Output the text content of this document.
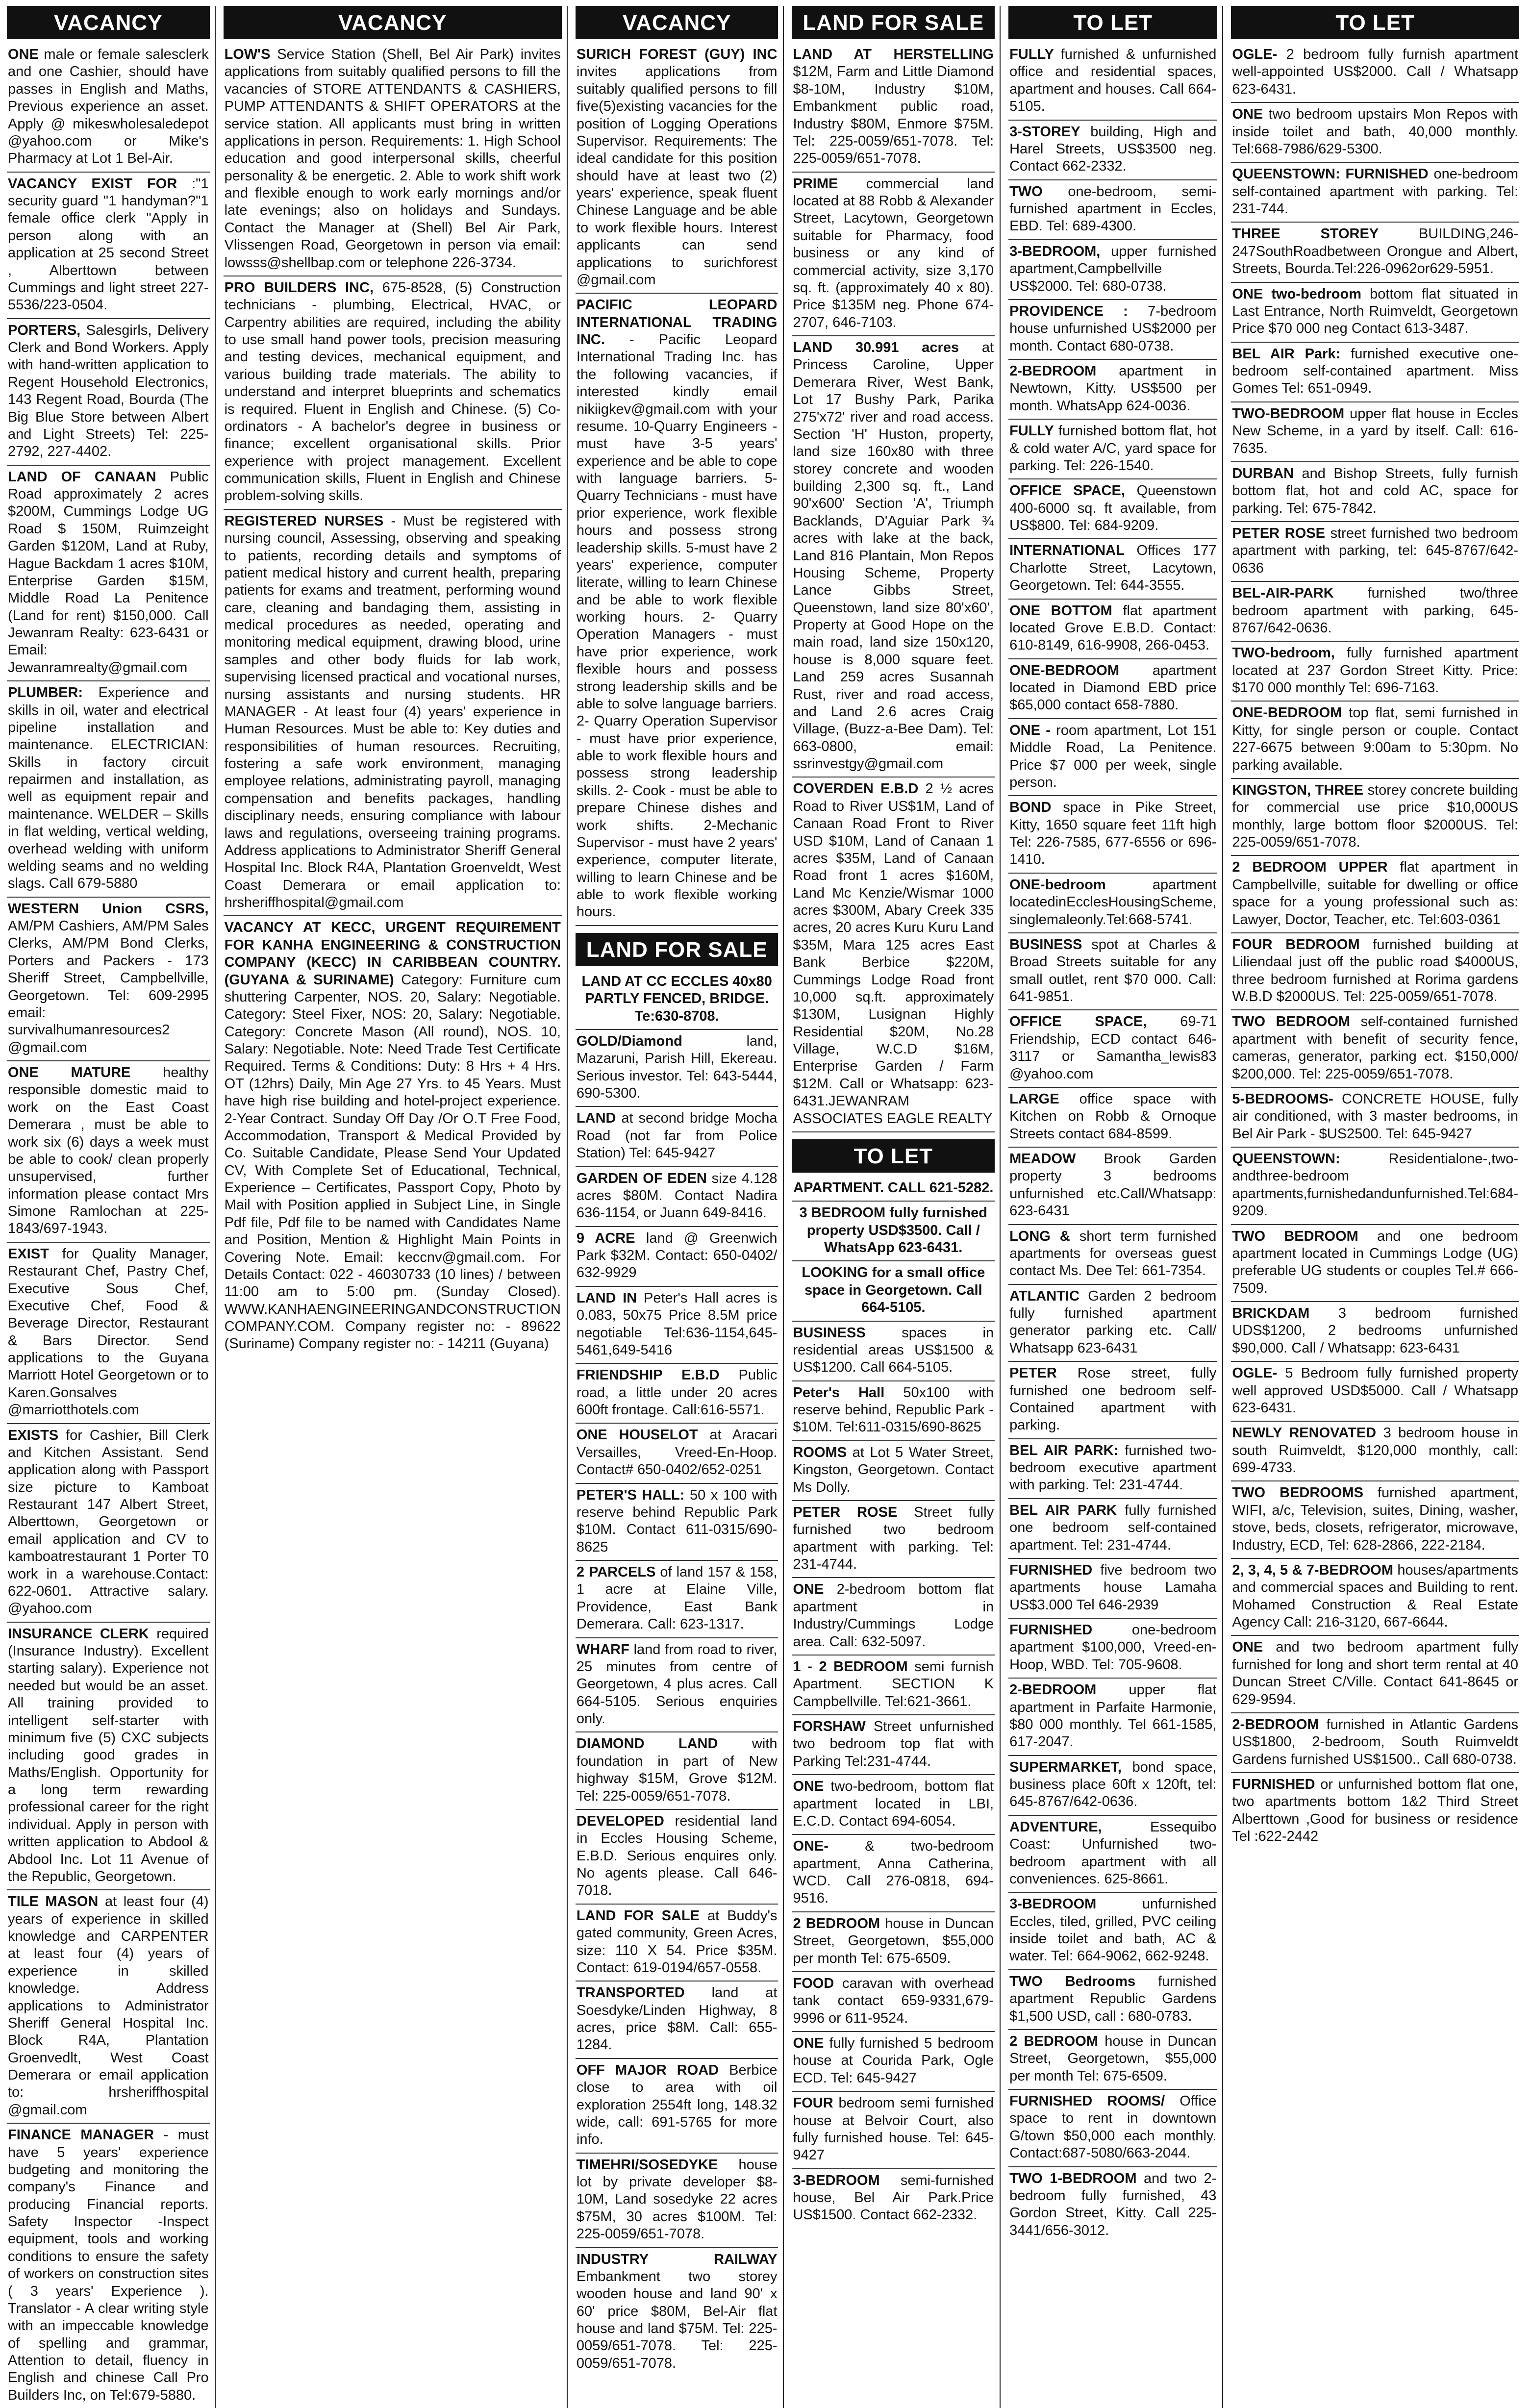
VACANCY
ONE male or female salesclerk and one Cashier, should have passes in English and Maths, Previous experience an asset. Apply @ mikeswholesaledepot @yahoo.com or Mike's Pharmacy at Lot 1 Bel-Air.
VACANCY EXIST FOR :"1 security guard "1 handyman?"1 female office clerk "Apply in person along with an application at 25 second Street , Alberttown between Cummings and light street 227-5536/223-0504.
PORTERS, Salesgirls, Delivery Clerk and Bond Workers. Apply with hand-written application to Regent Household Electronics, 143 Regent Road, Bourda (The Big Blue Store between Albert and Light Streets) Tel: 225-2792, 227-4402.
LAND OF CANAAN Public Road approximately 2 acres $200M, Cummings Lodge UG Road $ 150M, Ruimzeight Garden $120M, Land at Ruby, Hague Backdam 1 acres $10M, Enterprise Garden $15M, Middle Road La Penitence (Land for rent) $150,000. Call Jewanram Realty: 623-6431 or Email: Jewanramrealty@gmail.com
PLUMBER: Experience and skills in oil, water and electrical pipeline installation and maintenance. ELECTRICIAN: Skills in factory circuit repairmen and installation, as well as equipment repair and maintenance. WELDER – Skills in flat welding, vertical welding, overhead welding with uniform welding seams and no welding slags. Call 679-5880
WESTERN Union CSRS, AM/PM Cashiers, AM/PM Sales Clerks, AM/PM Bond Clerks, Porters and Packers - 173 Sheriff Street, Campbellville, Georgetown. Tel: 609-2995 email: survivalhumanresources2 @gmail.com
ONE MATURE healthy responsible domestic maid to work on the East Coast Demerara , must be able to work six (6) days a week must be able to cook/ clean properly unsupervised, further information please contact Mrs Simone Ramlochan at 225-1843/697-1943.
EXIST for Quality Manager, Restaurant Chef, Pastry Chef, Executive Sous Chef, Executive Chef, Food & Beverage Director, Restaurant & Bars Director. Send applications to the Guyana Marriott Hotel Georgetown or to Karen.Gonsalves @marriotthotels.com
EXISTS for Cashier, Bill Clerk and Kitchen Assistant. Send application along with Passport size picture to Kamboat Restaurant 147 Albert Street, Alberttown, Georgetown or email application and CV to kamboatrestaurant 1 Porter T0 work in a warehouse.Contact: 622-0601. Attractive salary. @yahoo.com
INSURANCE CLERK required (Insurance Industry). Excellent starting salary). Experience not needed but would be an asset. All training provided to intelligent self-starter with minimum five (5) CXC subjects including good grades in Maths/English. Opportunity for a long term rewarding professional career for the right individual. Apply in person with written application to Abdool & Abdool Inc. Lot 11 Avenue of the Republic, Georgetown.
TILE MASON at least four (4) years of experience in skilled knowledge and CARPENTER at least four (4) years of experience in skilled knowledge. Address applications to Administrator Sheriff General Hospital Inc. Block R4A, Plantation Groenvedlt, West Coast Demerara or email application to: hrsheriffhospital @gmail.com
FINANCE MANAGER - must have 5 years' experience budgeting and monitoring the company's Finance and producing Financial reports. Safety Inspector -Inspect equipment, tools and working conditions to ensure the safety of workers on construction sites ( 3 years' Experience ). Translator - A clear writing style with an impeccable knowledge of spelling and grammar, Attention to detail, fluency in English and chinese Call Pro Builders Inc, on Tel:679-5880.
VACANCY
LOW'S Service Station (Shell, Bel Air Park) invites applications from suitably qualified persons to fill the vacancies of STORE ATTENDANTS & CASHIERS, PUMP ATTENDANTS & SHIFT OPERATORS at the service station. All applicants must bring in written applications in person. Requirements: 1. High School education and good interpersonal skills, cheerful personality & be energetic. 2. Able to work shift work and flexible enough to work early mornings and/or late evenings; also on holidays and Sundays. Contact the Manager at (Shell) Bel Air Park, Vlissengen Road, Georgetown in person via email: lowsss@shellbap.com or telephone 226-3734.
PRO BUILDERS INC, 675-8528, (5) Construction technicians - plumbing, Electrical, HVAC, or Carpentry abilities are required, including the ability to use small hand power tools, precision measuring and testing devices, mechanical equipment, and various building trade materials. The ability to understand and interpret blueprints and schematics is required. Fluent in English and Chinese. (5) Co-ordinators - A bachelor's degree in business or finance; excellent organisational skills. Prior experience with project management. Excellent communication skills, Fluent in English and Chinese problem-solving skills.
REGISTERED NURSES - Must be registered with nursing council, Assessing, observing and speaking to patients, recording details and symptoms of patient medical history and current health, preparing patients for exams and treatment, performing wound care, cleaning and bandaging them, assisting in medical procedures as needed, operating and monitoring medical equipment, drawing blood, urine samples and other body fluids for lab work, supervising licensed practical and vocational nurses, nursing assistants and nursing students. HR MANAGER - At least four (4) years' experience in Human Resources. Must be able to: Key duties and responsibilities of human resources. Recruiting, fostering a safe work environment, managing employee relations, administrating payroll, managing compensation and benefits packages, handling disciplinary needs, ensuring compliance with labour laws and regulations, overseeing training programs. Address applications to Administrator Sheriff General Hospital Inc. Block R4A, Plantation Groenveldt, West Coast Demerara or email application to: hrsheriffhospital@gmail.com
VACANCY AT KECC, URGENT REQUIREMENT FOR KANHA ENGINEERING & CONSTRUCTION COMPANY (KECC) IN CARIBBEAN COUNTRY. (GUYANA & SURINAME) Category: Furniture cum shuttering Carpenter, NOS. 20, Salary: Negotiable. Category: Steel Fixer, NOS: 20, Salary: Negotiable. Category: Concrete Mason (All round), NOS. 10, Salary: Negotiable. Note: Need Trade Test Certificate Required. Terms & Conditions: Duty: 8 Hrs + 4 Hrs. OT (12hrs) Daily, Min Age 27 Yrs. to 45 Years. Must have high rise building and hotel-project experience. 2-Year Contract. Sunday Off Day /Or O.T Free Food, Accommodation, Transport & Medical Provided by Co. Suitable Candidate, Please Send Your Updated CV, With Complete Set of Educational, Technical, Experience – Certificates, Passport Copy, Photo by Mail with Position applied in Subject Line, in Single Pdf file, Pdf file to be named with Candidates Name and Position, Mention & Highlight Main Points in Covering Note. Email: keccnv@gmail.com. For Details Contact: 022 - 46030733 (10 lines) / between 11:00 am to 5:00 pm. (Sunday Closed). WWW.KANHAENGINEERINGANDCONSTRUCTION COMPANY.COM. Company register no: - 89622 (Suriname) Company register no: - 14211 (Guyana)
VACANCY
SURICH FOREST (GUY) INC invites applications from suitably qualified persons to fill five(5)existing vacancies for the position of Logging Operations Supervisor. Requirements: The ideal candidate for this position should have at least two (2) years' experience, speak fluent Chinese Language and be able to work flexible hours. Interest applicants can send applications to surichforest @gmail.com
PACIFIC LEOPARD INTERNATIONAL TRADING INC. - Pacific Leopard International Trading Inc. has the following vacancies, if interested kindly email nikiigkev@gmail.com with your resume. 10-Quarry Engineers - must have 3-5 years' experience and be able to cope with language barriers. 5-Quarry Technicians - must have prior experience, work flexible hours and possess strong leadership skills. 5-must have 2 years' experience, computer literate, willing to learn Chinese and be able to work flexible working hours. 2- Quarry Operation Managers - must have prior experience, work flexible hours and possess strong leadership skills and be able to solve language barriers. 2- Quarry Operation Supervisor - must have prior experience, able to work flexible hours and possess strong leadership skills. 2- Cook - must be able to prepare Chinese dishes and work shifts. 2-Mechanic Supervisor - must have 2 years' experience, computer literate, willing to learn Chinese and be able to work flexible working hours.
LAND FOR SALE
LAND AT CC ECCLES 40x80 PARTLY FENCED, BRIDGE. Te:630-8708.
GOLD/Diamond	land, Mazaruni, Parish Hill, Ekereau. Serious investor. Tel: 643-5444, 690-5300.
LAND at second bridge Mocha Road (not far from Police Station) Tel: 645-9427
GARDEN OF EDEN size 4.128 acres $80M. Contact Nadira 636-1154, or Juann 649-8416.
9 ACRE land @ Greenwich Park $32M. Contact: 650-0402/ 632-9929
LAND IN Peter's Hall acres is 0.083, 50x75 Price 8.5M price negotiable Tel:636-1154,645-5461,649-5416
FRIENDSHIP E.B.D Public road, a little under 20 acres 600ft frontage. Call:616-5571.
ONE HOUSELOT at Aracari Versailles, Vreed-En-Hoop. Contact# 650-0402/652-0251
PETER'S HALL: 50 x 100 with reserve behind Republic Park $10M. Contact 611-0315/690-8625
2 PARCELS of land 157 & 158, 1 acre at Elaine Ville, Providence, East Bank Demerara. Call: 623-1317.
WHARF land from road to river, 25 minutes from centre of Georgetown, 4 plus acres. Call 664-5105. Serious enquiries only.
DIAMOND LAND with foundation in part of New highway $15M, Grove $12M. Tel: 225-0059/651-7078.
DEVELOPED residential land in Eccles Housing Scheme, E.B.D. Serious enquires only. No agents please. Call 646-7018.
LAND FOR SALE at Buddy's gated community, Green Acres, size: 110 X 54. Price $35M. Contact: 619-0194/657-0558.
TRANSPORTED land at Soesdyke/Linden Highway, 8 acres, price $8M. Call: 655-1284.
OFF MAJOR ROAD Berbice close to area with oil exploration 2554ft long, 148.32 wide, call: 691-5765 for more info.
TIMEHRI/SOSEDYKE house lot by private developer $8-10M, Land sosedyke 22 acres $75M, 30 acres $100M. Tel: 225-0059/651-7078.
INDUSTRY RAILWAY Embankment two storey wooden house and land 90' x 60' price $80M, Bel-Air flat house and land $75M. Tel: 225-0059/651-7078. Tel: 225-0059/651-7078.
LAND FOR SALE
LAND AT HERSTELLING $12M, Farm and Little Diamond $8-10M, Industry $10M, Embankment public road, Industry $80M, Enmore $75M. Tel: 225-0059/651-7078. Tel: 225-0059/651-7078.
PRIME commercial land located at 88 Robb & Alexander Street, Lacytown, Georgetown suitable for Pharmacy, food business or any kind of commercial activity, size 3,170 sq. ft. (approximately 40 x 80). Price $135M neg. Phone 674-2707, 646-7103.
LAND 30.991 acres at Princess Caroline, Upper Demerara River, West Bank, Lot 17 Bushy Park, Parika 275'x72' river and road access. Section 'H' Huston, property, land size 160x80 with three storey concrete and wooden building 2,300 sq. ft., Land 90'x600' Section 'A', Triumph Backlands, D'Aguiar Park ¾ acres with lake at the back, Land 816 Plantain, Mon Repos Housing Scheme, Property Lance Gibbs Street, Queenstown, land size 80'x60', Property at Good Hope on the main road, land size 150x120, house is 8,000 square feet. Land 259 acres Susannah Rust, river and road access, and Land 2.6 acres Craig Village, (Buzz-a-Bee Dam). Tel: 663-0800, email: ssrinvestgy@gmail.com
COVERDEN E.B.D 2 ½ acres Road to River US$1M, Land of Canaan Road Front to River USD $10M, Land of Canaan 1 acres $35M, Land of Canaan Road front 1 acres $160M, Land Mc Kenzie/Wismar 1000 acres $300M, Abary Creek 335 acres, 20 acres Kuru Kuru Land $35M, Mara 125 acres East Bank Berbice $220M, Cummings Lodge Road front 10,000 sq.ft. approximately $130M, Lusignan Highly Residential $20M, No.28 Village, W.C.D $16M, Enterprise Garden / Farm $12M. Call or Whatsapp: 623-6431.JEWANRAM ASSOCIATES EAGLE REALTY
TO LET
APARTMENT. CALL 621-5282.
3 BEDROOM fully furnished property USD$3500. Call / WhatsApp 623-6431.
LOOKING for a small office space in Georgetown. Call 664-5105.
BUSINESS	spaces in residential areas US$1500 & US$1200. Call 664-5105.
Peter's Hall 50x100 with reserve behind, Republic Park - $10M. Tel:611-0315/690-8625
ROOMS at Lot 5 Water Street, Kingston, Georgetown. Contact Ms Dolly.
PETER ROSE Street fully furnished two bedroom apartment with parking. Tel: 231-4744.
ONE 2-bedroom bottom flat apartment in Industry/Cummings Lodge area. Call: 632-5097.
1 - 2 BEDROOM semi furnish Apartment. SECTION K Campbellville. Tel:621-3661.
FORSHAW Street unfurnished two bedroom top flat with Parking Tel:231-4744.
ONE two-bedroom, bottom flat apartment located in LBI, E.C.D. Contact 694-6054.
ONE-	& two-bedroom apartment, Anna Catherina, WCD. Call 276-0818, 694-9516.
2 BEDROOM house in Duncan Street, Georgetown, $55,000 per month Tel: 675-6509.
FOOD caravan with overhead tank contact 659-9331,679-9996 or 611-9524.
ONE fully furnished 5 bedroom house at Courida Park, Ogle ECD. Tel: 645-9427
FOUR bedroom semi furnished house at Belvoir Court, also fully furnished house. Tel: 645-9427
3-BEDROOM semi-furnished house, Bel Air Park.Price US$1500. Contact 662-2332.
TO LET
FULLY furnished & unfurnished office and residential spaces, apartment and houses. Call 664-5105.
3-STOREY building, High and Harel Streets, US$3500 neg. Contact 662-2332.
TWO one-bedroom, semi-furnished apartment in Eccles, EBD. Tel: 689-4300.
3-BEDROOM, upper furnished apartment,Campbellville US$2000. Tel: 680-0738.
PROVIDENCE : 7-bedroom house unfurnished US$2000 per month. Contact 680-0738.
2-BEDROOM apartment in Newtown, Kitty. US$500 per month. WhatsApp 624-0036.
FULLY furnished bottom flat, hot & cold water A/C, yard space for parking. Tel: 226-1540.
OFFICE SPACE, Queenstown 400-6000 sq. ft available, from US$800. Tel: 684-9209.
INTERNATIONAL Offices 177 Charlotte Street, Lacytown, Georgetown. Tel: 644-3555.
ONE BOTTOM flat apartment located Grove E.B.D. Contact: 610-8149, 616-9908, 266-0453.
ONE-BEDROOM apartment located in Diamond EBD price $65,000 contact 658-7880.
ONE - room apartment, Lot 151 Middle Road, La Penitence. Price $7 000 per week, single person.
BOND space in Pike Street, Kitty, 1650 square feet 11ft high Tel: 226-7585, 677-6556 or 696-1410.
ONE-bedroom	apartment locatedinEcclesHousingScheme, singlemaleonly.Tel:668-5741.
BUSINESS spot at Charles & Broad Streets suitable for any small outlet, rent $70 000. Call: 641-9851.
OFFICE SPACE, 69-71 Friendship, ECD contact 646- 3117 or Samantha_lewis83 @yahoo.com
LARGE office space with Kitchen on Robb & Ornoque Streets contact 684-8599.
MEADOW Brook Garden property 3 bedrooms unfurnished etc.Call/Whatsapp: 623-6431
LONG & short term furnished apartments for overseas guest contact Ms. Dee Tel: 661-7354.
ATLANTIC Garden 2 bedroom fully furnished apartment generator parking etc. Call/ Whatsapp 623-6431
PETER Rose street, fully furnished one bedroom self- Contained apartment with parking.
BEL AIR PARK: furnished two-bedroom executive apartment with parking. Tel: 231-4744.
BEL AIR PARK fully furnished one bedroom self-contained apartment. Tel: 231-4744.
FURNISHED five bedroom two apartments house Lamaha US$3.000 Tel 646-2939
FURNISHED	one-bedroom apartment $100,000, Vreed-en-Hoop, WBD. Tel: 705-9608.
2-BEDROOM upper flat apartment in Parfaite Harmonie, $80 000 monthly. Tel 661-1585, 617-2047.
SUPERMARKET, bond space, business place 60ft x 120ft, tel: 645-8767/642-0636.
ADVENTURE,	Essequibo Coast: Unfurnished two-bedroom apartment with all conveniences. 625-8661.
3-BEDROOM	unfurnished Eccles, tiled, grilled, PVC ceiling inside toilet and bath, AC & water. Tel: 664-9062, 662-9248.
TWO Bedrooms furnished apartment Republic Gardens $1,500 USD, call : 680-0783.
2 BEDROOM house in Duncan Street, Georgetown, $55,000 per month Tel: 675-6509.
FURNISHED ROOMS/ Office space to rent in downtown G/town $50,000 each monthly. Contact:687-5080/663-2044.
TWO 1-BEDROOM and two 2-bedroom fully furnished, 43 Gordon Street, Kitty. Call 225- 3441/656-3012.
TO LET
OGLE- 2 bedroom fully furnish apartment well-appointed US$2000. Call / Whatsapp 623-6431.
ONE two bedroom upstairs Mon Repos with inside toilet and bath, 40,000 monthly. Tel:668-7986/629-5300.
QUEENSTOWN: FURNISHED one-bedroom self-contained apartment with parking. Tel: 231-744.
THREE STOREY	BUILDING,246-247SouthRoadbetween Orongue and Albert, Streets, Bourda.Tel:226-0962or629-5951.
ONE two-bedroom bottom flat situated in Last Entrance, North Ruimveldt, Georgetown Price $70 000 neg Contact 613-3487.
BEL AIR Park: furnished executive one-bedroom self-contained apartment. Miss Gomes Tel: 651-0949.
TWO-BEDROOM upper flat house in Eccles New Scheme, in a yard by itself. Call: 616-7635.
DURBAN and Bishop Streets, fully furnish bottom flat, hot and cold AC, space for parking. Tel: 675-7842.
PETER ROSE street furnished two bedroom apartment with parking, tel: 645-8767/642-0636
BEL-AIR-PARK furnished two/three bedroom apartment with parking, 645-8767/642-0636.
TWO-bedroom, fully furnished apartment located at 237 Gordon Street Kitty. Price: $170 000 monthly Tel: 696-7163.
ONE-BEDROOM top flat, semi furnished in Kitty, for single person or couple. Contact 227-6675 between 9:00am to 5:30pm. No parking available.
KINGSTON, THREE storey concrete building for commercial use price $10,000US monthly, large bottom floor $2000US. Tel: 225-0059/651-7078.
2 BEDROOM UPPER flat apartment in Campbellville, suitable for dwelling or office space for a young professional such as: Lawyer, Doctor, Teacher, etc. Tel:603-0361
FOUR BEDROOM furnished building at Liliendaal just off the public road $4000US, three bedroom furnished at Rorima gardens W.B.D $2000US. Tel: 225-0059/651-7078.
TWO BEDROOM self-contained furnished apartment with benefit of security fence, cameras, generator, parking ect. $150,000/ $200,000. Tel: 225-0059/651-7078.
5-BEDROOMS- CONCRETE HOUSE, fully air conditioned, with 3 master bedrooms, in Bel Air Park - $US2500. Tel: 645-9427
QUEENSTOWN:	Residentialone-,two-andthree-bedroom apartments,furnishedandunfurnished.Tel:684-9209.
TWO BEDROOM and one bedroom apartment located in Cummings Lodge (UG) preferable UG students or couples Tel.# 666-7509.
BRICKDAM 3 bedroom furnished UDS$1200, 2 bedrooms unfurnished $90,000. Call / Whatsapp: 623-6431
OGLE- 5 Bedroom fully furnished property well approved USD$5000. Call / Whatsapp 623-6431.
NEWLY RENOVATED 3 bedroom house in south Ruimveldt, $120,000 monthly, call: 699-4733.
TWO BEDROOMS furnished apartment, WIFI, a/c, Television, suites, Dining, washer, stove, beds, closets, refrigerator, microwave, Industry, ECD, Tel: 628-2866, 222-2184.
2, 3, 4, 5 & 7-BEDROOM houses/apartments and commercial spaces and Building to rent. Mohamed Construction & Real Estate Agency Call: 216-3120, 667-6644.
ONE and two bedroom apartment fully furnished for long and short term rental at 40 Duncan Street C/Ville. Contact 641-8645 or 629-9594.
2-BEDROOM furnished in Atlantic Gardens US$1800, 2-bedroom, South Ruimveldt Gardens furnished US$1500.. Call 680-0738.
FURNISHED or unfurnished bottom flat one, two apartments bottom 1&2 Third Street Alberttown ,Good for business or residence Tel :622-2442
